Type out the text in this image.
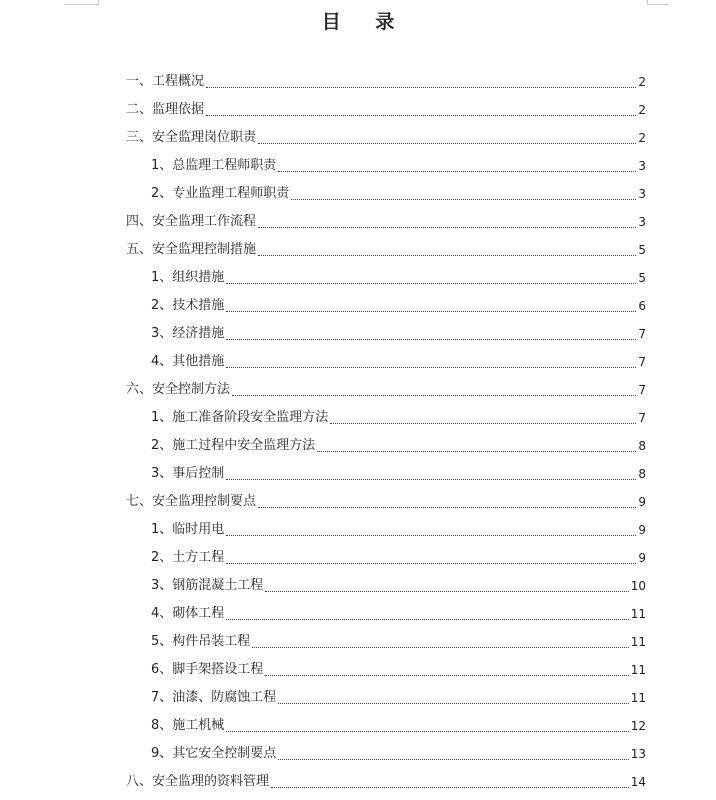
目 录
一、工程概况	2
二、监理依据	2
三、安全监理岗位职责	2
1、总监理工程师职责	3
2、专业监理工程师职责	3
四、安全监理工作流程	3
五、安全监理控制措施	5
1、组织措施	5
2、技术措施	6
3、经济措施	7
4、其他措施	7
六、安全控制方法	7
1、施工准备阶段安全监理方法	7
2、施工过程中安全监理方法	8
3、事后控制	8
七、安全监理控制要点	9
1、临时用电	9
2、土方工程	9
3、钢筋混凝土工程	10
4、砌体工程	11
5、构件吊装工程	11
6、脚手架搭设工程	11
7、油漆、防腐蚀工程	11
8、施工机械	12
9、其它安全控制要点	13
八、安全监理的资料管理	14
